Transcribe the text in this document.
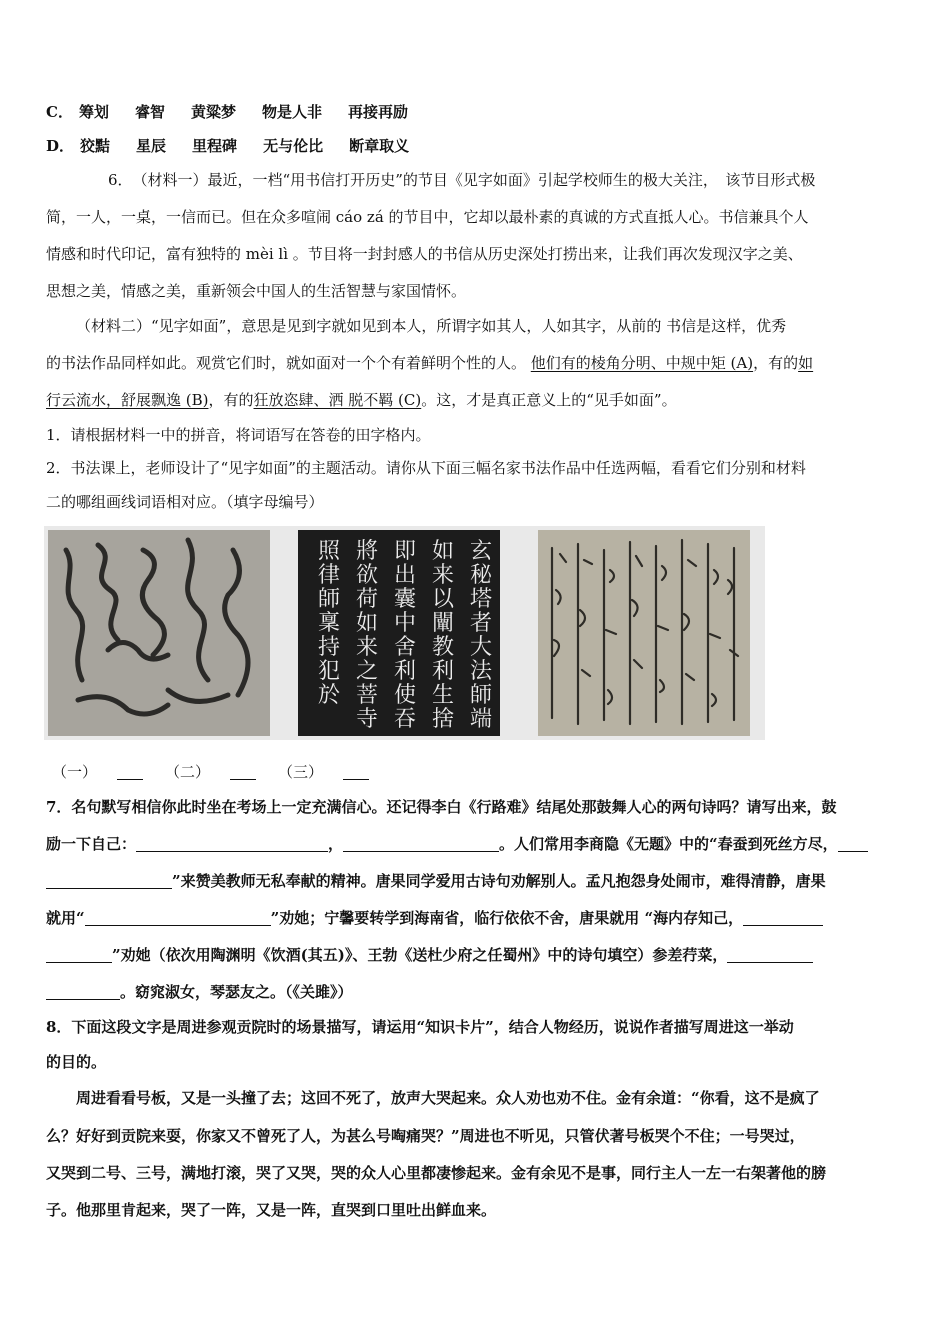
C． 筹划 睿智 黄粱梦 物是人非 再接再励
D． 狡黠 星辰 里程碑 无与伦比 断章取义
6．　（材料一）最近，一档“用书信打开历史”的节目《见字如面》引起学校师生的极大关注，　该节目形式极
简，一人，一桌，一信而已。但在众多喧闹 cáo zá 的节目中，它却以最朴素的真诚的方式直抵人心。书信兼具个人
情感和时代印记，富有独特的 mèi lì 。节目将一封封感人的书信从历史深处打捞出来，让我们再次发现汉字之美、
思想之美，情感之美，重新领会中国人的生活智慧与家国情怀。
（材料二）“见字如面”，意思是见到字就如见到本人，所谓字如其人，人如其字，从前的 书信是这样，优秀
的书法作品同样如此。观赏它们时，就如面对一个个有着鲜明个性的人。 他们有的棱角分明、中规中矩 (A)，有的如
行云流水，舒展飘逸 (B)，有的狂放恣肆、洒 脱不羁 (C)。这，才是真正意义上的“见手如面”。
1．请根据材料一中的拼音，将词语写在答卷的田字格内。
2．书法课上，老师设计了“见字如面”的主题活动。请你从下面三幅名家书法作品中任选两幅，看看它们分别和材料
二的哪组画线词语相对应。（填字母编号）
玄秘塔者大法師端如来以闡教利生捨即出囊中舍利使吞將欲荷如来之菩寺照律師稟持犯於
（一）	（二）	（三）
7．名句默写相信你此时坐在考场上一定充满信心。还记得李白《行路难》结尾处那鼓舞人心的两句诗吗？请写出来，鼓
励一下自己：	，	。人们常用李商隐《无题》中的“春蚕到死丝方尽，
”来赞美教师无私奉献的精神。唐果同学爱用古诗句劝解别人。孟凡抱怨身处闹市，难得清静，唐果
就用“	”劝她；宁馨要转学到海南省，临行依依不舍，唐果就用 “海内存知己，
”劝她（依次用陶渊明《饮酒(其五)》、王勃《送杜少府之任蜀州》中的诗句填空）参差荇菜，
。窈窕淑女，琴瑟友之。（《关雎》）
8．下面这段文字是周进参观贡院时的场景描写，请运用“知识卡片”，结合人物经历，说说作者描写周进这一举动
的目的。
周进看看号板，又是一头撞了去；这回不死了，放声大哭起来。众人劝也劝不住。金有余道：“你看，这不是疯了
么？好好到贡院来耍，你家又不曾死了人，为甚么号啕痛哭？”周进也不听见，只管伏著号板哭个不住；一号哭过，
又哭到二号、三号，满地打滚，哭了又哭，哭的众人心里都凄惨起来。金有余见不是事，同行主人一左一右架著他的膀
子。他那里肯起来，哭了一阵，又是一阵，直哭到口里吐出鲜血来。
